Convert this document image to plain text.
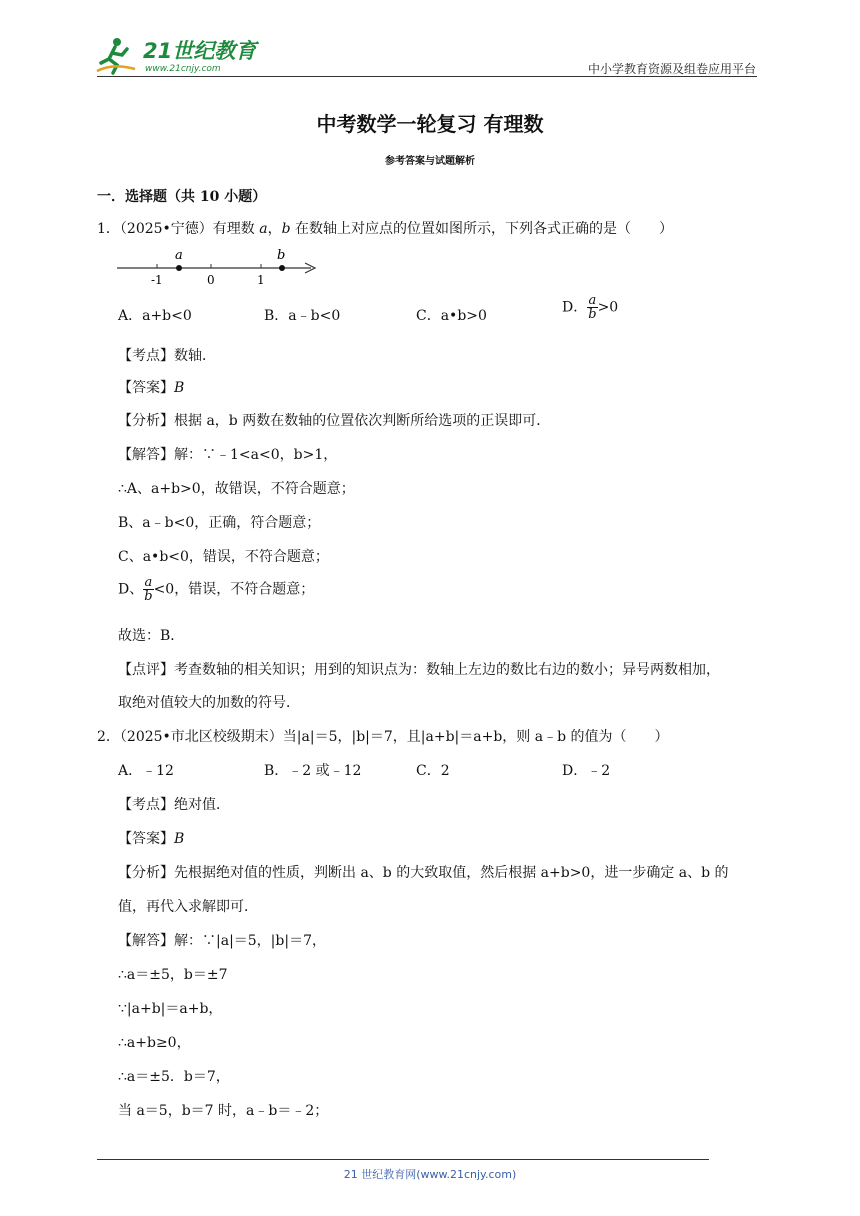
21世纪教育
www.21cnjy.com	中小学教育资源及组卷应用平台
中考数学一轮复习 有理数
参考答案与试题解析
一．选择题（共 10 小题）
1．（2025•宁德）有理数 a，b 在数轴上对应点的位置如图所示，下列各式正确的是（　　）
a	b
-1	0	1
A．a+b<0	B．a﹣b<0	C．a•b>0
D． $\frac{a}{b} >0$
【考点】数轴．
【答案】B
【分析】根据 a，b 两数在数轴的位置依次判断所给选项的正误即可．
【解答】解：∵﹣1<a<0，b>1，
∴A、a+b>0，故错误，不符合题意；
B、a﹣b<0，正确，符合题意；
C、a•b<0，错误，不符合题意；
D、 $\frac{a}{b} <0$，错误，不符合题意；
故选：B．
【点评】考查数轴的相关知识；用到的知识点为：数轴上左边的数比右边的数小；异号两数相加，
取绝对值较大的加数的符号．
2．（2025•市北区校级期末）当|a|＝5，|b|＝7，且|a+b|＝a+b，则 a﹣b 的值为（　　）
A．﹣12	B．﹣2 或﹣12	C．2	D．﹣2
【考点】绝对值．
【答案】B
【分析】先根据绝对值的性质，判断出 a、b 的大致取值，然后根据 a+b>0，进一步确定 a、b 的
值，再代入求解即可．
【解答】解：∵|a|＝5，|b|＝7，
∴a＝±5，b＝±7
∵|a+b|＝a+b，
∴a+b≥0，
∴a＝±5．b＝7，
当 a＝5，b＝7 时，a﹣b＝﹣2；
21 世纪教育网(www.21cnjy.com)
